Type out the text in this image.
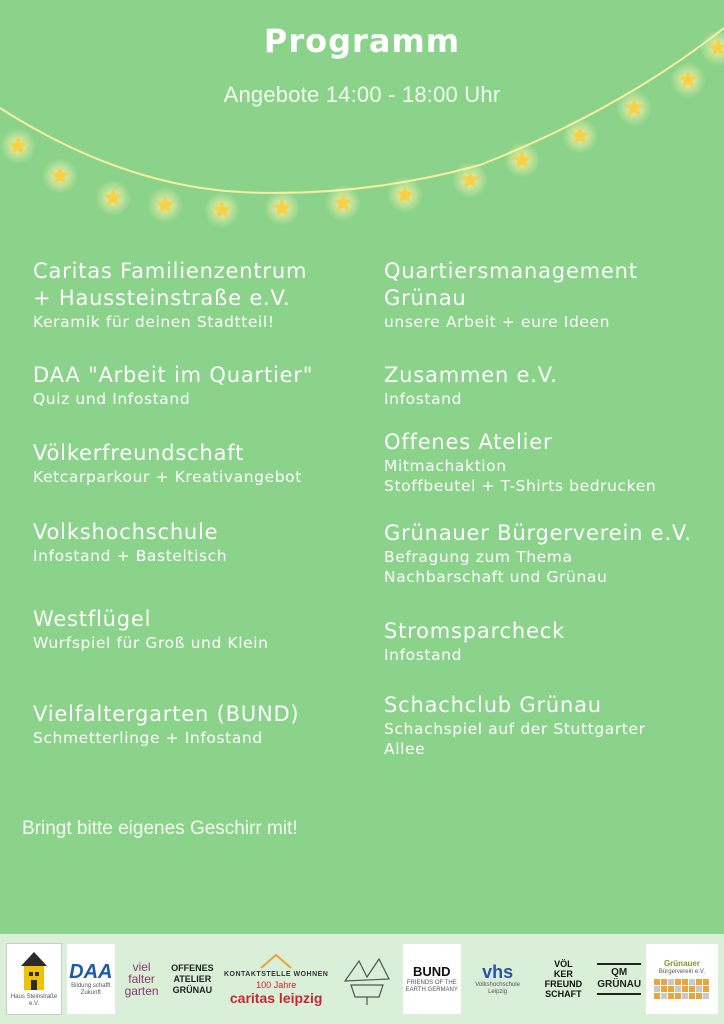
Programm
Angebote 14:00 - 18:00 Uhr
Caritas Familienzentrum
+ Haussteinstraße e.V.
Keramik für deinen Stadtteil!
DAA "Arbeit im Quartier"
Quiz und Infostand
Völkerfreundschaft
Ketcarparkour + Kreativangebot
Volkshochschule
Infostand + Basteltisch
Westflügel
Wurfspiel für Groß und Klein
Vielfaltergarten (BUND)
Schmetterlinge + Infostand
Quartiersmanagement
Grünau
unsere Arbeit + eure Ideen
Zusammen e.V.
Infostand
Offenes Atelier
Mitmachaktion
Stoffbeutel + T-Shirts bedrucken
Grünauer Bürgerverein e.V.
Befragung zum Thema
Nachbarschaft und Grünau
Stromsparcheck
Infostand
Schachclub Grünau
Schachspiel auf der Stuttgarter
Allee
Bringt bitte eigenes Geschirr mit!
Haus Steinstraße e.V.
DAA
Bildung schafft Zukunft
viel
falter
garten
OFFENES
ATELIER
GRÜNAU
KONTAKTSTELLE WOHNEN
100 Jahre
caritas leipzig
BUND
FRIENDS OF THE EARTH GERMANY
vhs
Volkshochschule Leipzig
VÖL
KER
FREUND
SCHAFT
QM
GRÜNAU
Grünauer
Bürgerverein e.V.
